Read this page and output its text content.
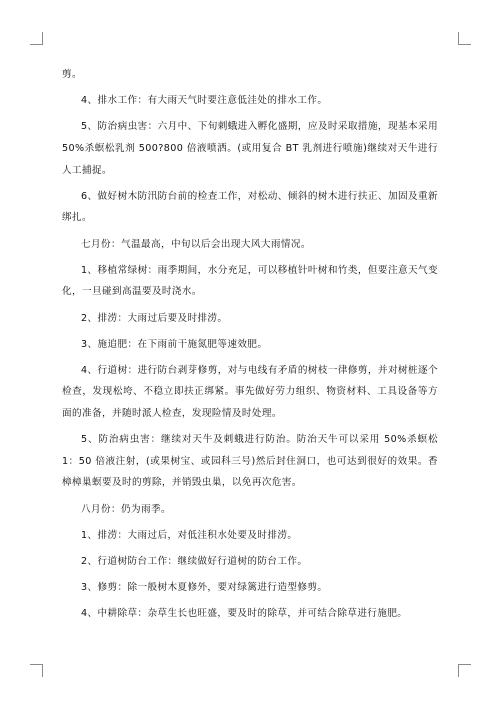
剪。

4、排水工作：有大雨天气时要注意低洼处的排水工作。

5、防治病虫害：六月中、下旬刺蛾进入孵化盛期，应及时采取措施，现基本采用 50%杀螟松乳剂 500?800 倍液喷洒。(或用复合 BT 乳剂进行喷施)继续对天牛进行人工捕捉。

6、做好树木防汛防台前的检查工作，对松动、倾斜的树木进行扶正、加固及重新绑扎。

七月份：气温最高，中旬以后会出现大风大雨情况。

1、移植常绿树：雨季期间，水分充足，可以移植针叶树和竹类，但要注意天气变化，一旦碰到高温要及时浇水。

2、排涝：大雨过后要及时排涝。

3、施追肥：在下雨前干施氮肥等速效肥。

4、行道树：进行防台剥芽修剪，对与电线有矛盾的树枝一律修剪，并对树桩逐个检查，发现松垮、不稳立即扶正绑紧。事先做好劳力组织、物资材料、工具设备等方面的准备，并随时派人检查，发现险情及时处理。

5、防治病虫害：继续对天牛及刺蛾进行防治。防治天牛可以采用 50%杀螟松 1：50 倍液注射，(或果树宝、或园科三号)然后封住洞口，也可达到很好的效果。香樟樟巢螟要及时的剪除，并销毁虫巢，以免再次危害。

八月份：仍为雨季。

1、排涝：大雨过后，对低洼积水处要及时排涝。

2、行道树防台工作：继续做好行道树的防台工作。

3、修剪：除一般树木夏修外，要对绿篱进行造型修剪。

4、中耕除草：杂草生长也旺盛，要及时的除草，并可结合除草进行施肥。
